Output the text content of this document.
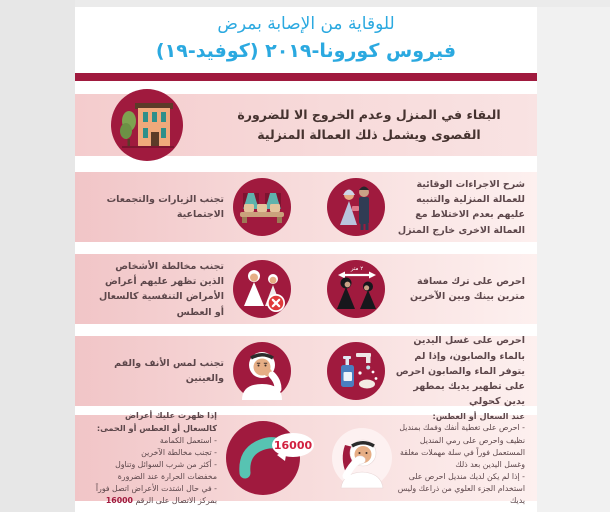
للوقاية من الإصابة بمرض
فيروس كورونا-٢٠١٩ (كوفيد-١٩)
البقاء في المنزل وعدم الخروج الا للضرورة القصوى ويشمل ذلك العمالة المنزلية
تجنب الزيارات والتجمعات الاجتماعية
شرح الاجراءات الوقائية للعمالة المنزلية والتنبيه عليهم بعدم الاختلاط مع العمالة الاخرى خارج المنزل
تجنب مخالطة الأشخاص الذين تظهر عليهم أعراض الأمراض التنفسية كالسعال أو العطس
٢ متر
احرص على ترك مسافة مترين بينك وبين الآخرين
تجنب لمس الأنف والفم والعينين
احرص على غسل اليدين بالماء والصابون، وإذا لم يتوفر الماء والصابون احرص على تطهير يديك بمطهر يدين كحولي
إذا ظهرت عليك أعراض كالسعال أو العطس أو الحمى:
- استعمل الكمامة
- تجنب مخالطة الآخرين
- أكثر من شرب السوائل وتناول مخفضات الحرارة عند الضرورة
- في حال اشتدت الأعراض اتصل فوراً بمركز الاتصال على الرقم 16000
16000
عند السعال أو العطس:
- احرص على تغطية أنفك وفمك بمنديل نظيف واحرص على رمي المنديل المستعمل فوراً في سلة مهملات مغلقة وغسل اليدين بعد ذلك
- إذا لم يكن لديك منديل احرص على استخدام الجزء العلوي من ذراعك وليس يديك
